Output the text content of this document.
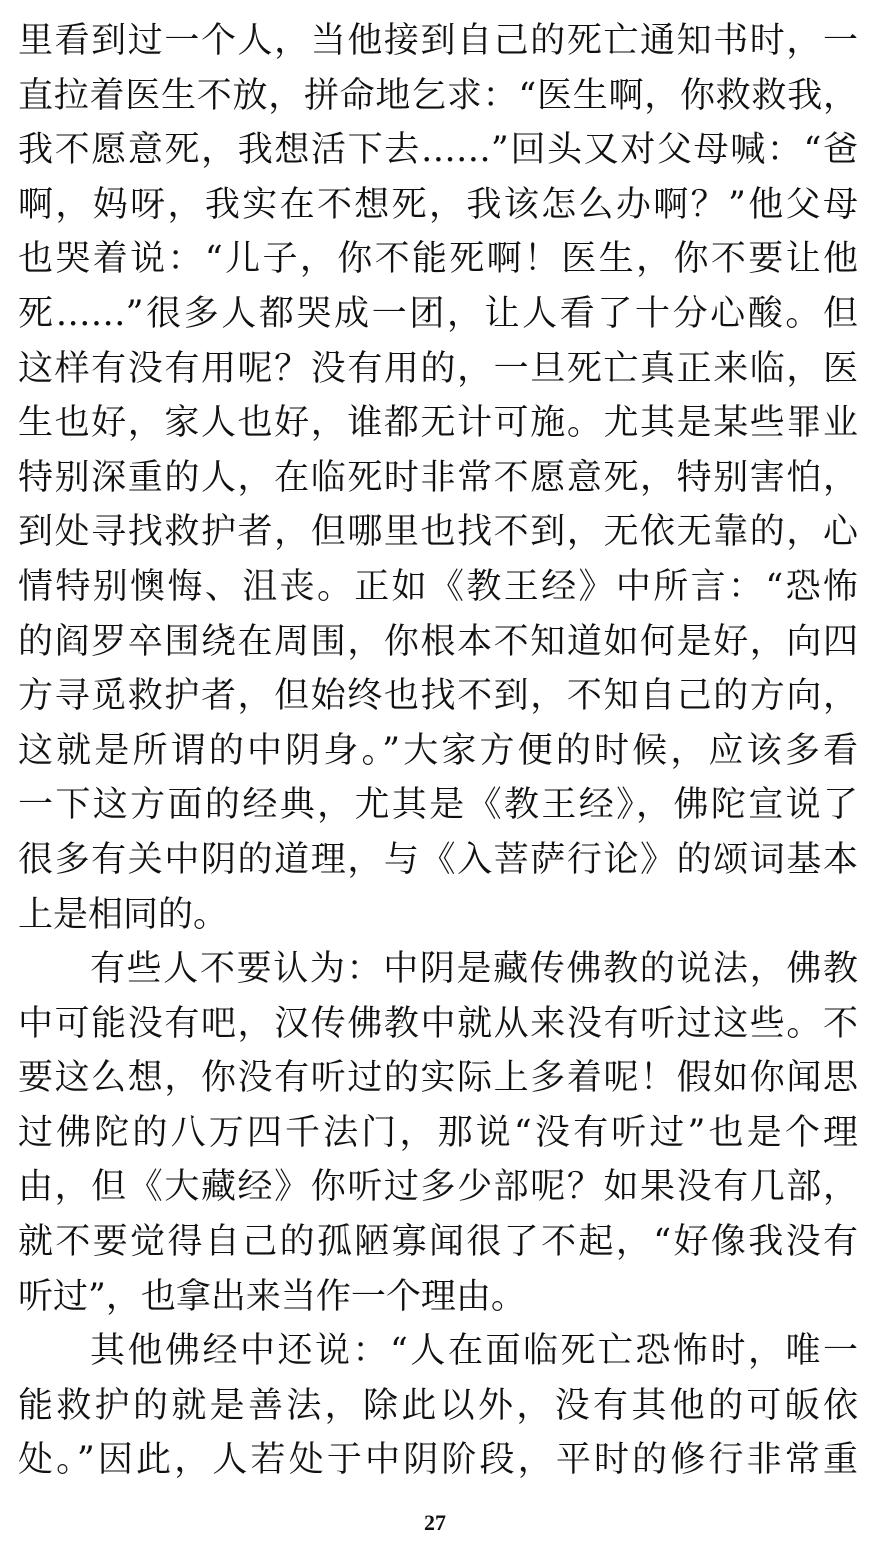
里看到过一个人，当他接到自己的死亡通知书时，一
直拉着医生不放，拼命地乞求：“医生啊，你救救我，
我不愿意死，我想活下去……”回头又对父母喊：“爸
啊，妈呀，我实在不想死，我该怎么办啊？”他父母
也哭着说：“儿子，你不能死啊！医生，你不要让他
死……”很多人都哭成一团，让人看了十分心酸。但
这样有没有用呢？没有用的，一旦死亡真正来临，医
生也好，家人也好，谁都无计可施。尤其是某些罪业
特别深重的人，在临死时非常不愿意死，特别害怕，
到处寻找救护者，但哪里也找不到，无依无靠的，心
情特别懊悔、沮丧。正如《教王经》中所言：“恐怖
的阎罗卒围绕在周围，你根本不知道如何是好，向四
方寻觅救护者，但始终也找不到，不知自己的方向，
这就是所谓的中阴身。”大家方便的时候，应该多看
一下这方面的经典，尤其是《教王经》，佛陀宣说了
很多有关中阴的道理，与《入菩萨行论》的颂词基本
上是相同的。
有些人不要认为：中阴是藏传佛教的说法，佛教
中可能没有吧，汉传佛教中就从来没有听过这些。不
要这么想，你没有听过的实际上多着呢！假如你闻思
过佛陀的八万四千法门，那说“没有听过”也是个理
由，但《大藏经》你听过多少部呢？如果没有几部，
就不要觉得自己的孤陋寡闻很了不起，“好像我没有
听过”，也拿出来当作一个理由。
其他佛经中还说：“人在面临死亡恐怖时，唯一
能救护的就是善法，除此以外，没有其他的可皈依
处。”因此，人若处于中阴阶段，平时的修行非常重
27
